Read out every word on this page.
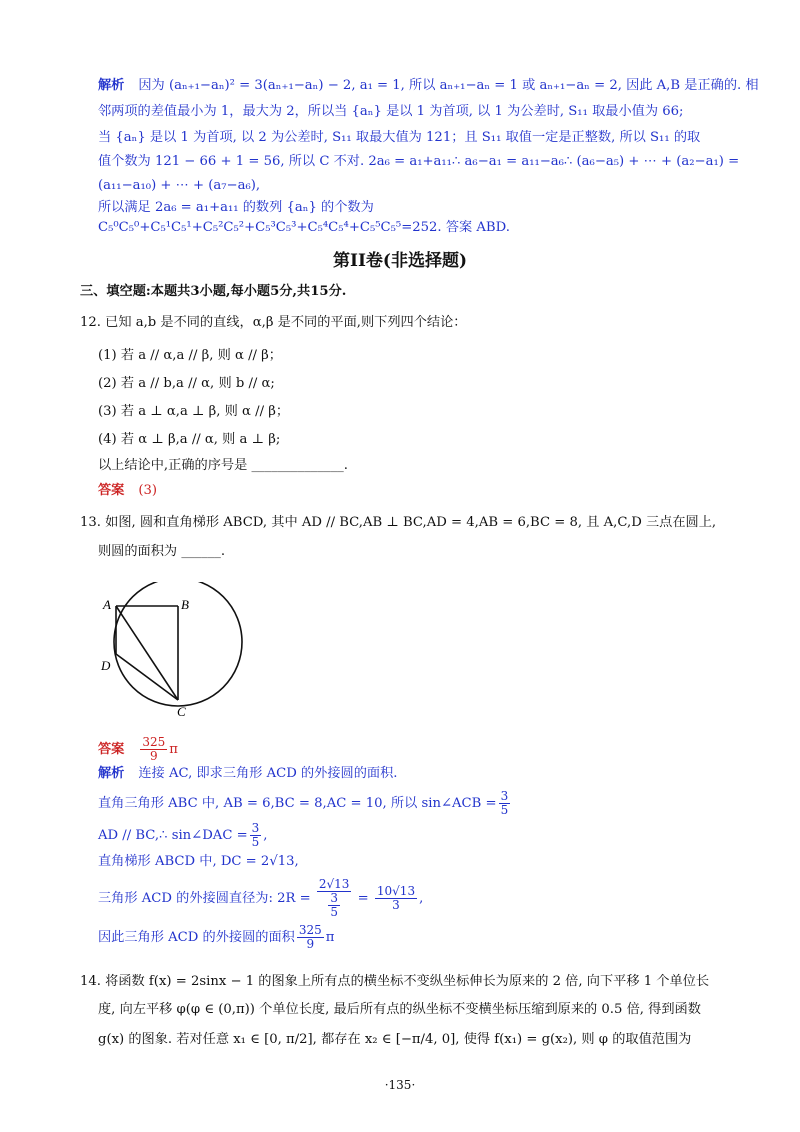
解析 因为 (aₙ₊₁−aₙ)² = 3(aₙ₊₁−aₙ) − 2, a₁ = 1, 所以 aₙ₊₁−aₙ = 1 或 aₙ₊₁−aₙ = 2, 因此 A,B 是正确的. 相
邻两项的差值最小为 1，最大为 2，所以当 {aₙ} 是以 1 为首项, 以 1 为公差时, S₁₁ 取最小值为 66;
当 {aₙ} 是以 1 为首项, 以 2 为公差时, S₁₁ 取最大值为 121；且 S₁₁ 取值一定是正整数, 所以 S₁₁ 的取
值个数为 121 − 66 + 1 = 56, 所以 C 不对. 2a₆ = a₁+a₁₁∴ a₆−a₁ = a₁₁−a₆∴ (a₆−a₅) + ⋯ + (a₂−a₁) =
(a₁₁−a₁₀) + ⋯ + (a₇−a₆),
所以满足 2a₆ = a₁+a₁₁ 的数列 {aₙ} 的个数为
C₅⁰C₅⁰+C₅¹C₅¹+C₅²C₅²+C₅³C₅³+C₅⁴C₅⁴+C₅⁵C₅⁵=252. 答案 ABD.
第II卷(非选择题)
三、填空题:本题共3小题,每小题5分,共15分.
12. 已知 a,b 是不同的直线，α,β 是不同的平面,则下列四个结论：
(1) 若 a // α,a // β, 则 α // β；
(2) 若 a // b,a // α, 则 b // α;
(3) 若 a ⊥ α,a ⊥ β, 则 α // β；
(4) 若 α ⊥ β,a // α, 则 a ⊥ β;
以上结论中,正确的序号是 ______________.
答案 (3)
13. 如图, 圆和直角梯形 ABCD, 其中 AD // BC,AB ⊥ BC,AD = 4,AB = 6,BC = 8, 且 A,C,D 三点在圆上,
则圆的面积为 ______.
A	B
D
C
答案 $\frac{325}{9}$ π
解析 连接 AC, 即求三角形 ACD 的外接圆的面积.
直角三角形 ABC 中, AB = 6,BC = 8,AC = 10, 所以 sin∠ACB = $\frac{3}{5}$
AD // BC,∴ sin∠DAC = $\frac{3}{5}$ ,
直角梯形 ABCD 中, DC = 2√13,
三角形 ACD 的外接圆直径为: $2R = \frac{2√13}{\frac{3}{5}} = \frac{10√13}{3}$ ,
因此三角形 ACD 的外接圆的面积 $\frac{325}{9}$ π
14. 将函数 f(x) = 2sinx − 1 的图象上所有点的横坐标不变纵坐标伸长为原来的 2 倍, 向下平移 1 个单位长
度, 向左平移 φ(φ ∈ (0,π)) 个单位长度, 最后所有点的纵坐标不变横坐标压缩到原来的 0.5 倍, 得到函数
g(x) 的图象. 若对任意 x₁ ∈ [0, π/2], 都存在 x₂ ∈ [−π/4, 0], 使得 f(x₁) = g(x₂), 则 φ 的取值范围为
·135·
